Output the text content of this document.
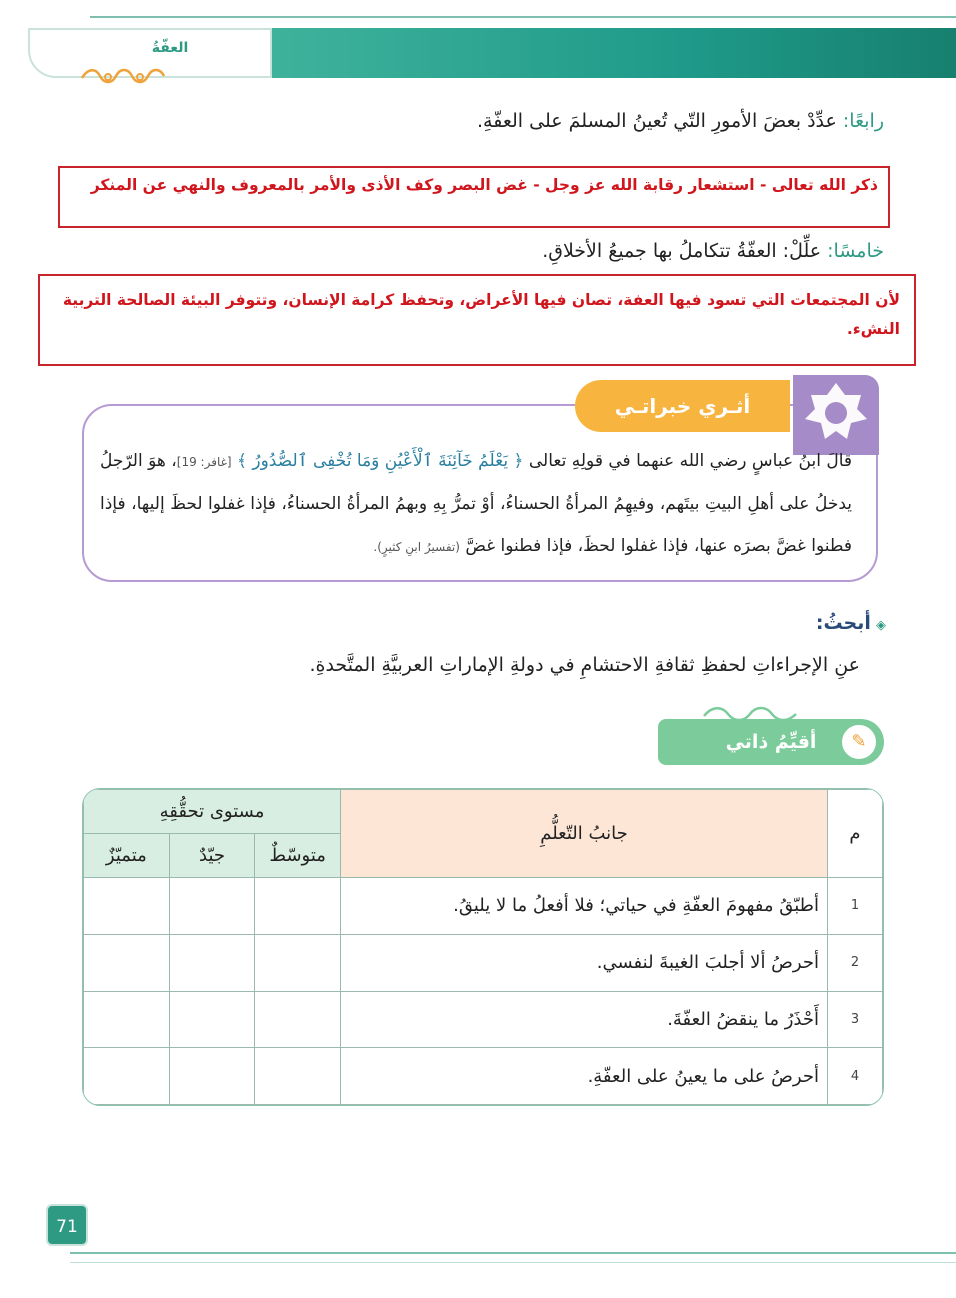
العفّةُ
رابعًا: عدِّدْ بعضَ الأمورِ التّي تُعينُ المسلمَ على العفّةِ.
ذكر الله تعالى - استشعار رقابة الله عز وجل - غض البصر وكف الأذى والأمر بالمعروف والنهي عن المنكر
خامسًا: علِّلْ: العفّةُ تتكاملُ بها جميعُ الأخلاقِ.
لأن المجتمعات التي تسود فيها العفة، تصان فيها الأعراض، وتحفظ كرامة الإنسان، وتتوفر البيئة الصالحة التربية النشء.
أثـري خبراتـي
قالَ ابنُ عباسٍ رضي الله عنهما في قولِهِ تعالى ﴿ يَعْلَمُ خَآئِنَةَ ٱلْأَعْيُنِ وَمَا تُخْفِى ٱلصُّدُورُ ﴾ [غافر: 19]، هوَ الرّجلُ يدخلُ على أهلِ البيتِ بيتَهم، وفيهِمُ المرأةُ الحسناءُ، أوْ تمرُّ بِهِ وبهمُ المرأةُ الحسناءُ، فإذا غفلوا لحظَ إليها، فإذا فطنوا غضَّ بصرَه عنها، فإذا غفلوا لحظَ، فإذا فطنوا غضَّ (تفسيرُ ابنِ كثيرٍ).
◈ أبحثُ:
عنِ الإجراءاتِ لحفظِ ثقافةِ الاحتشامِ في دولةِ الإماراتِ العربيَّةِ المتَّحدةِ.
أقيِّمُ ذاتي	✎
م	جانبُ التّعلُّمِ	مستوى تحقُّقِهِ		
		متوسّطٌ	جيّدٌ	متميّزٌ
1	أطبّقُ مفهومَ العفّةِ في حياتي؛ فلا أفعلُ ما لا يليقُ.			
2	أحرصُ ألا أجلبَ الغيبةَ لنفسي.			
3	أَحْذَرُ ما ينقضُ العفّةَ.			
4	أحرصُ على ما يعينُ على العفّةِ.			
71
